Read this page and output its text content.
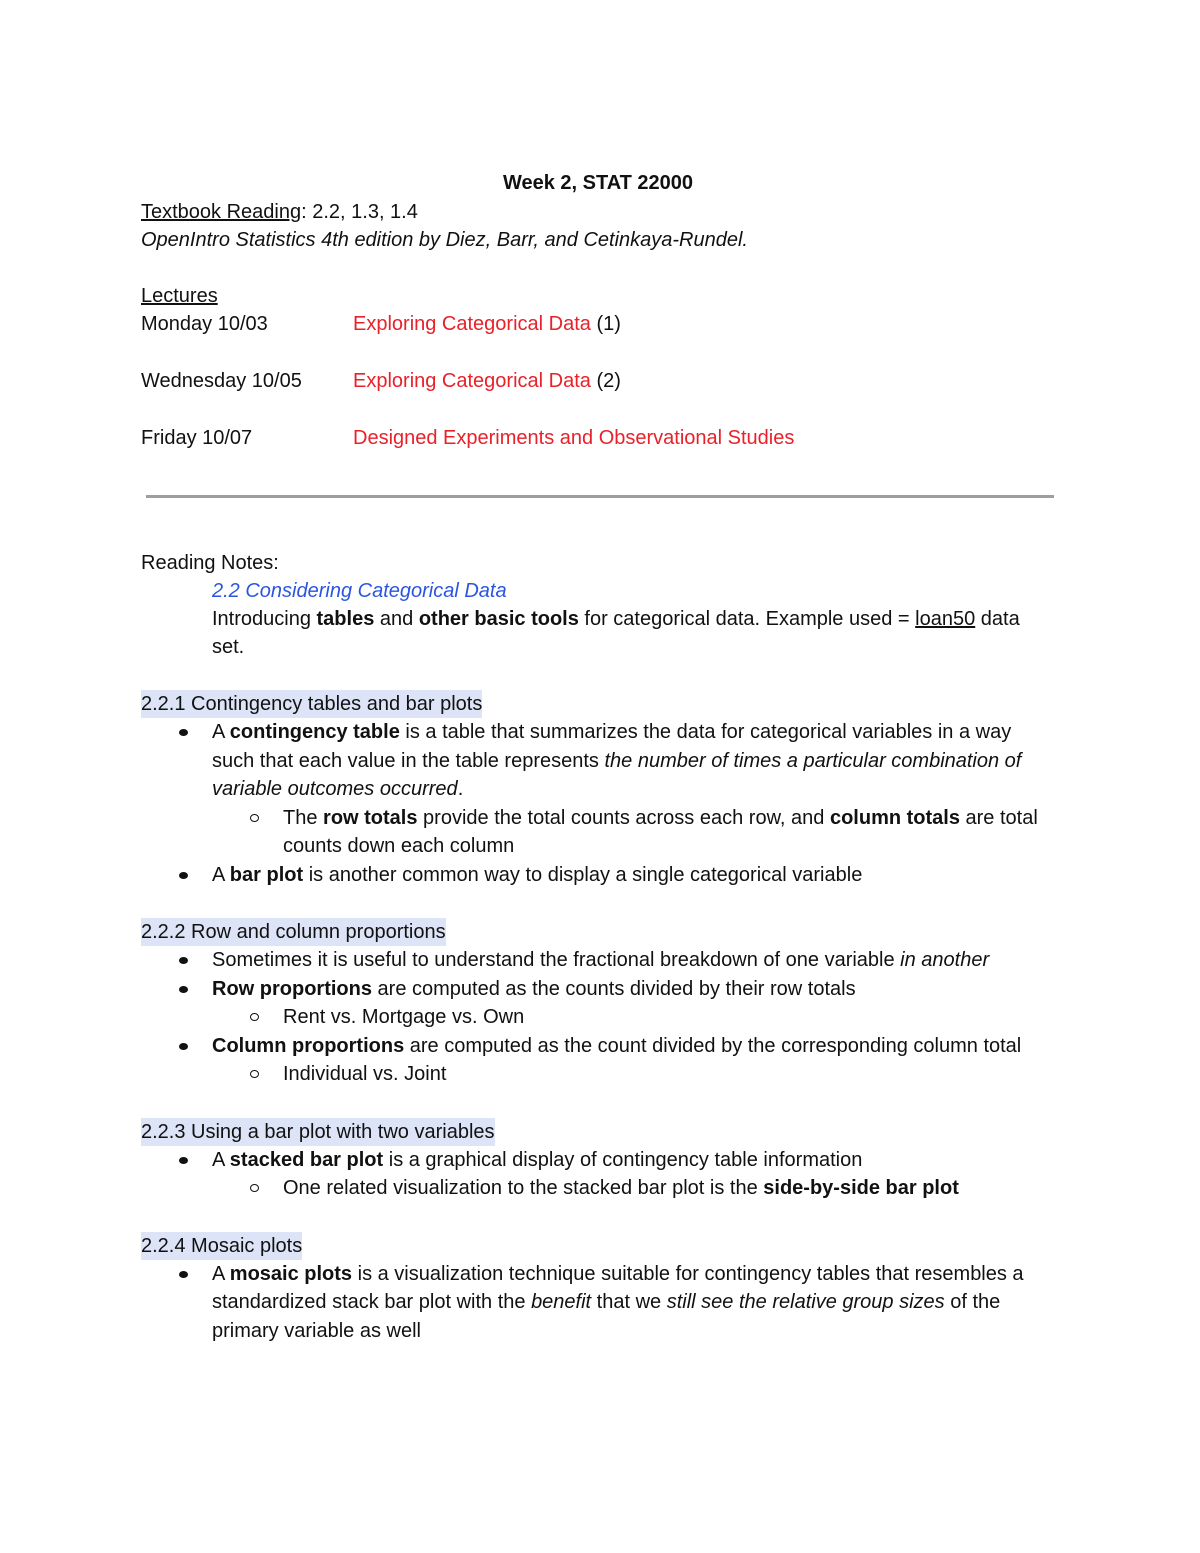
Week 2, STAT 22000
Textbook Reading: 2.2, 1.3, 1.4
OpenIntro Statistics 4th edition by Diez, Barr, and Cetinkaya-Rundel.
Lectures
Monday 10/03	Exploring Categorical Data (1)
Wednesday 10/05	Exploring Categorical Data (2)
Friday 10/07	Designed Experiments and Observational Studies
Reading Notes:
2.2 Considering Categorical Data
Introducing tables and other basic tools for categorical data. Example used = loan50 data set.
2.2.1 Contingency tables and bar plots
A contingency table is a table that summarizes the data for categorical variables in a way such that each value in the table represents the number of times a particular combination of variable outcomes occurred.
The row totals provide the total counts across each row, and column totals are total counts down each column
A bar plot is another common way to display a single categorical variable
2.2.2 Row and column proportions
Sometimes it is useful to understand the fractional breakdown of one variable in another
Row proportions are computed as the counts divided by their row totals
Rent vs. Mortgage vs. Own
Column proportions are computed as the count divided by the corresponding column total
Individual vs. Joint
2.2.3 Using a bar plot with two variables
A stacked bar plot is a graphical display of contingency table information
One related visualization to the stacked bar plot is the side-by-side bar plot
2.2.4 Mosaic plots
A mosaic plots is a visualization technique suitable for contingency tables that resembles a standardized stack bar plot with the benefit that we still see the relative group sizes of the primary variable as well
